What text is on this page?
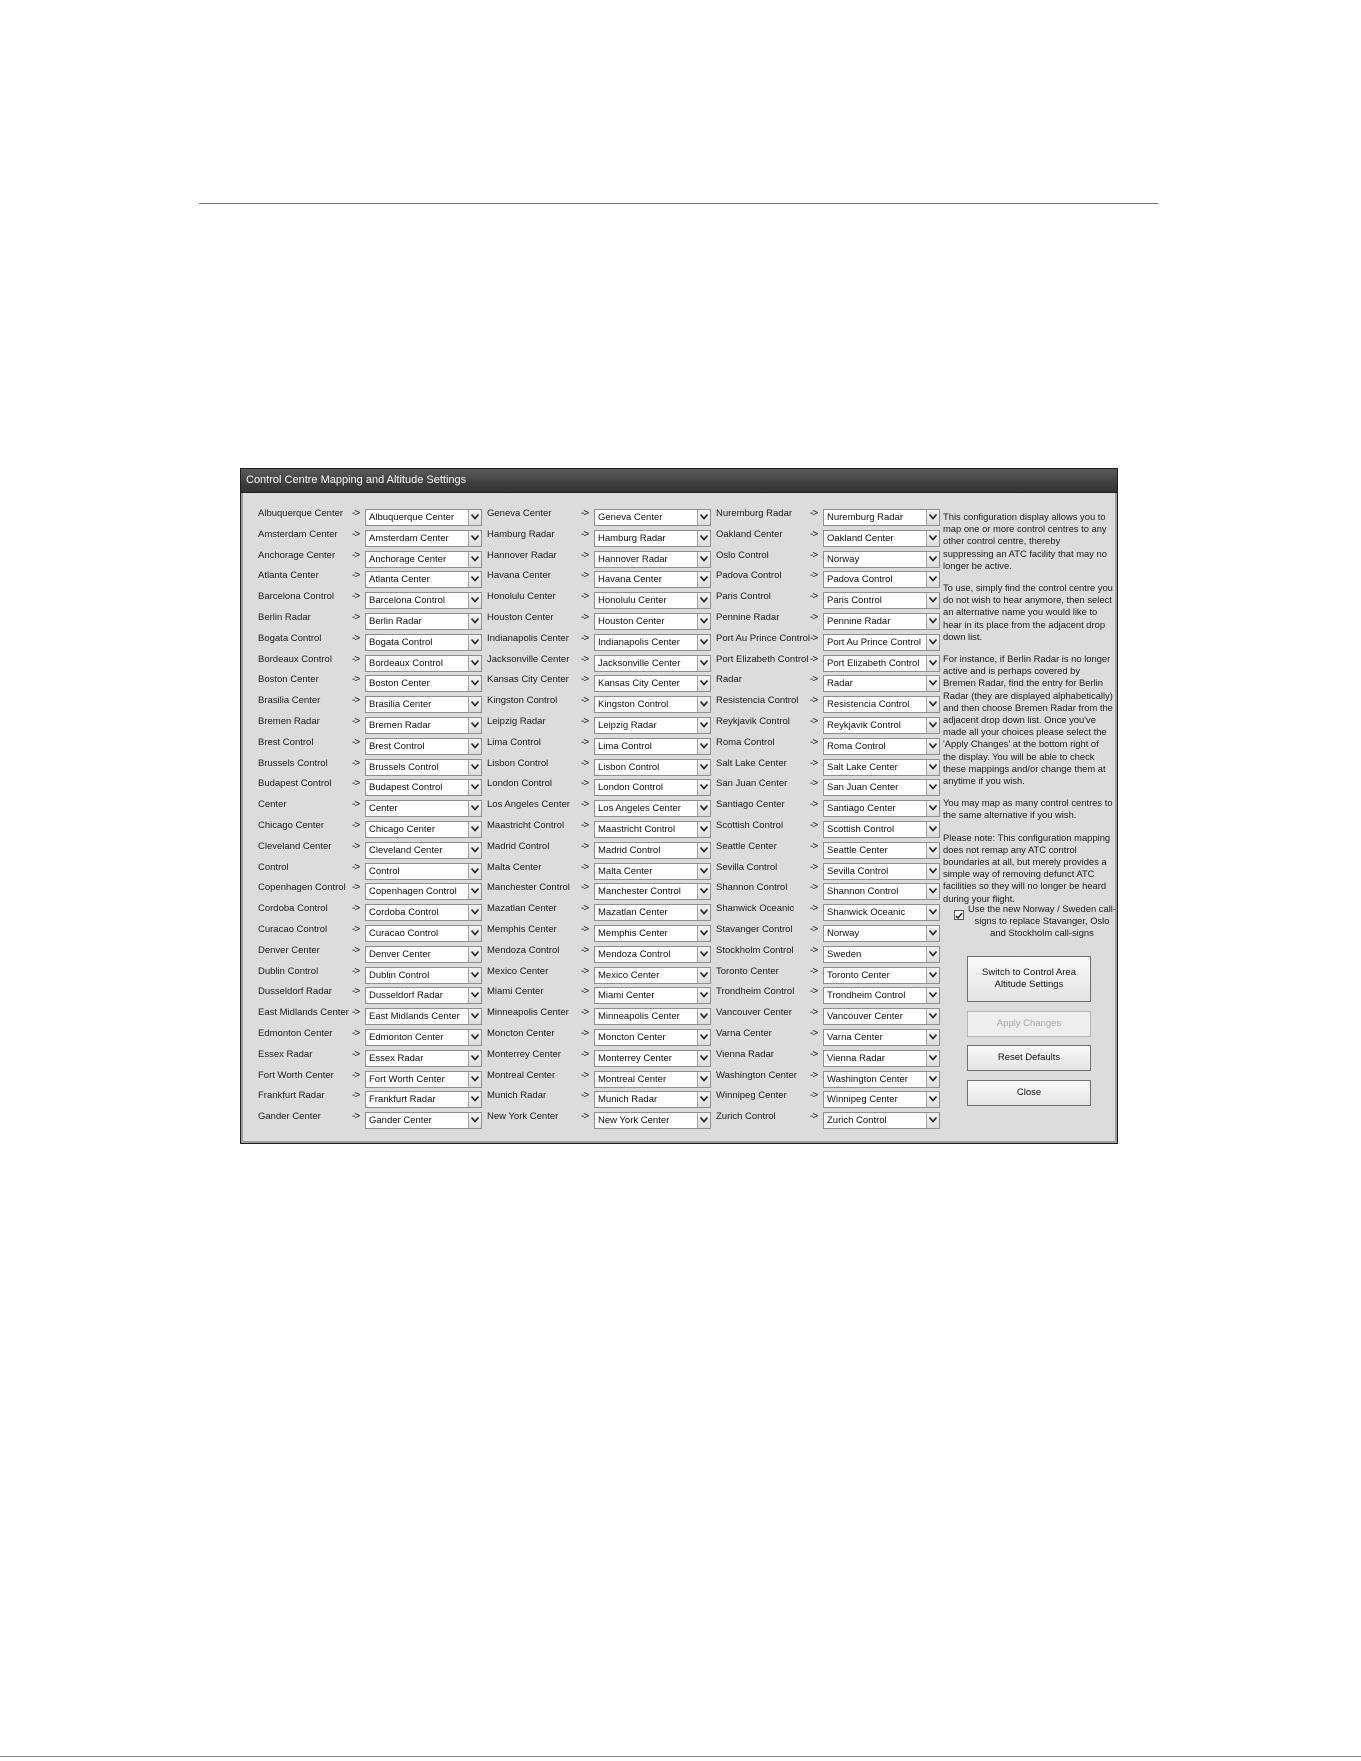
Control Centre Mapping and Altitude Settings
Albuquerque Center -> Albuquerque Center
Amsterdam Center -> Amsterdam Center
Anchorage Center -> Anchorage Center
Atlanta Center	-> Atlanta Center
Barcelona Control -> Barcelona Control
Berlin Radar	-> Berlin Radar
Bogata Control	-> Bogata Control
Bordeaux Control -> Bordeaux Control
Boston Center	-> Boston Center
Brasilia Center	-> Brasilia Center
Bremen Radar	-> Bremen Radar
Brest Control	-> Brest Control
Brussels Control -> Brussels Control
Budapest Control -> Budapest Control
Center	-> Center
Chicago Center	-> Chicago Center
Cleveland Center -> Cleveland Center
Control	-> Control
Copenhagen Control -> Copenhagen Control
Cordoba Control -> Cordoba Control
Curacao Control -> Curacao Control
Denver Center	-> Denver Center
Dublin Control	-> Dublin Control
Dusseldorf Radar -> Dusseldorf Radar
East Midlands Center -> East Midlands Center
Edmonton Center -> Edmonton Center
Essex Radar	-> Essex Radar
Fort Worth Center -> Fort Worth Center
Frankfurt Radar	-> Frankfurt Radar
Gander Center	-> Gander Center
Geneva Center	-> Geneva Center
Hamburg Radar	-> Hamburg Radar
Hannover Radar -> Hannover Radar
Havana Center	-> Havana Center
Honolulu Center	-> Honolulu Center
Houston Center	-> Houston Center
Indianapolis Center -> Indianapolis Center
Jacksonville Center -> Jacksonville Center
Kansas City Center -> Kansas City Center
Kingston Control -> Kingston Control
Leipzig Radar	-> Leipzig Radar
Lima Control	-> Lima Control
Lisbon Control	-> Lisbon Control
London Control	-> London Control
Los Angeles Center -> Los Angeles Center
Maastricht Control -> Maastricht Control
Madrid Control	-> Madrid Control
Malta Center	-> Malta Center
Manchester Control -> Manchester Control
Mazatlan Center -> Mazatlan Center
Memphis Center -> Memphis Center
Mendoza Control -> Mendoza Control
Mexico Center	-> Mexico Center
Miami Center	-> Miami Center
Minneapolis Center -> Minneapolis Center
Moncton Center	-> Moncton Center
Monterrey Center -> Monterrey Center
Montreal Center	-> Montreal Center
Munich Radar	-> Munich Radar
New York Center -> New York Center
Nuremburg Radar -> Nuremburg Radar
Oakland Center	-> Oakland Center
Oslo Control	-> Norway
Padova Control	-> Padova Control
Paris Control	-> Paris Control
Pennine Radar	-> Pennine Radar
Port Au Prince Control -> Port Au Prince Control
Port Elizabeth Control -> Port Elizabeth Control
Radar	-> Radar
Resistencia Control -> Resistencia Control
Reykjavik Control -> Reykjavik Control
Roma Control	-> Roma Control
Salt Lake Center -> Salt Lake Center
San Juan Center -> San Juan Center
Santiago Center	-> Santiago Center
Scottish Control	-> Scottish Control
Seattle Center	-> Seattle Center
Sevilla Control	-> Sevilla Control
Shannon Control -> Shannon Control
Shanwick Oceanic -> Shanwick Oceanic
Stavanger Control -> Norway
Stockholm Control -> Sweden
Toronto Center	-> Toronto Center
Trondheim Control -> Trondheim Control
Vancouver Center -> Vancouver Center
Varna Center	-> Varna Center
Vienna Radar	-> Vienna Radar
Washington Center -> Washington Center
Winnipeg Center -> Winnipeg Center
Zurich Control	-> Zurich Control

This configuration display allows you to map one or more control centres to any other control centre, thereby suppressing an ATC facility that may no longer be active.

To use, simply find the control centre you do not wish to hear anymore, then select an alternative name you would like to hear in its place from the adjacent drop down list.

For instance, if Berlin Radar is no longer active and is perhaps covered by Bremen Radar, find the entry for Berlin Radar (they are displayed alphabetically) and then choose Bremen Radar from the adjacent drop down list. Once you've made all your choices please select the 'Apply Changes' at the bottom right of the display. You will be able to check these mappings and/or change them at anytime if you wish.

You may map as many control centres to the same alternative if you wish.

Please note: This configuration mapping does not remap any ATC control boundaries at all, but merely provides a simple way of removing defunct ATC facilities so they will no longer be heard during your flight.

Use the new Norway / Sweden call-signs to replace Stavanger, Oslo and Stockholm call-signs
Switch to Control Area Altitude Settings
Apply Changes
Reset Defaults
Close
